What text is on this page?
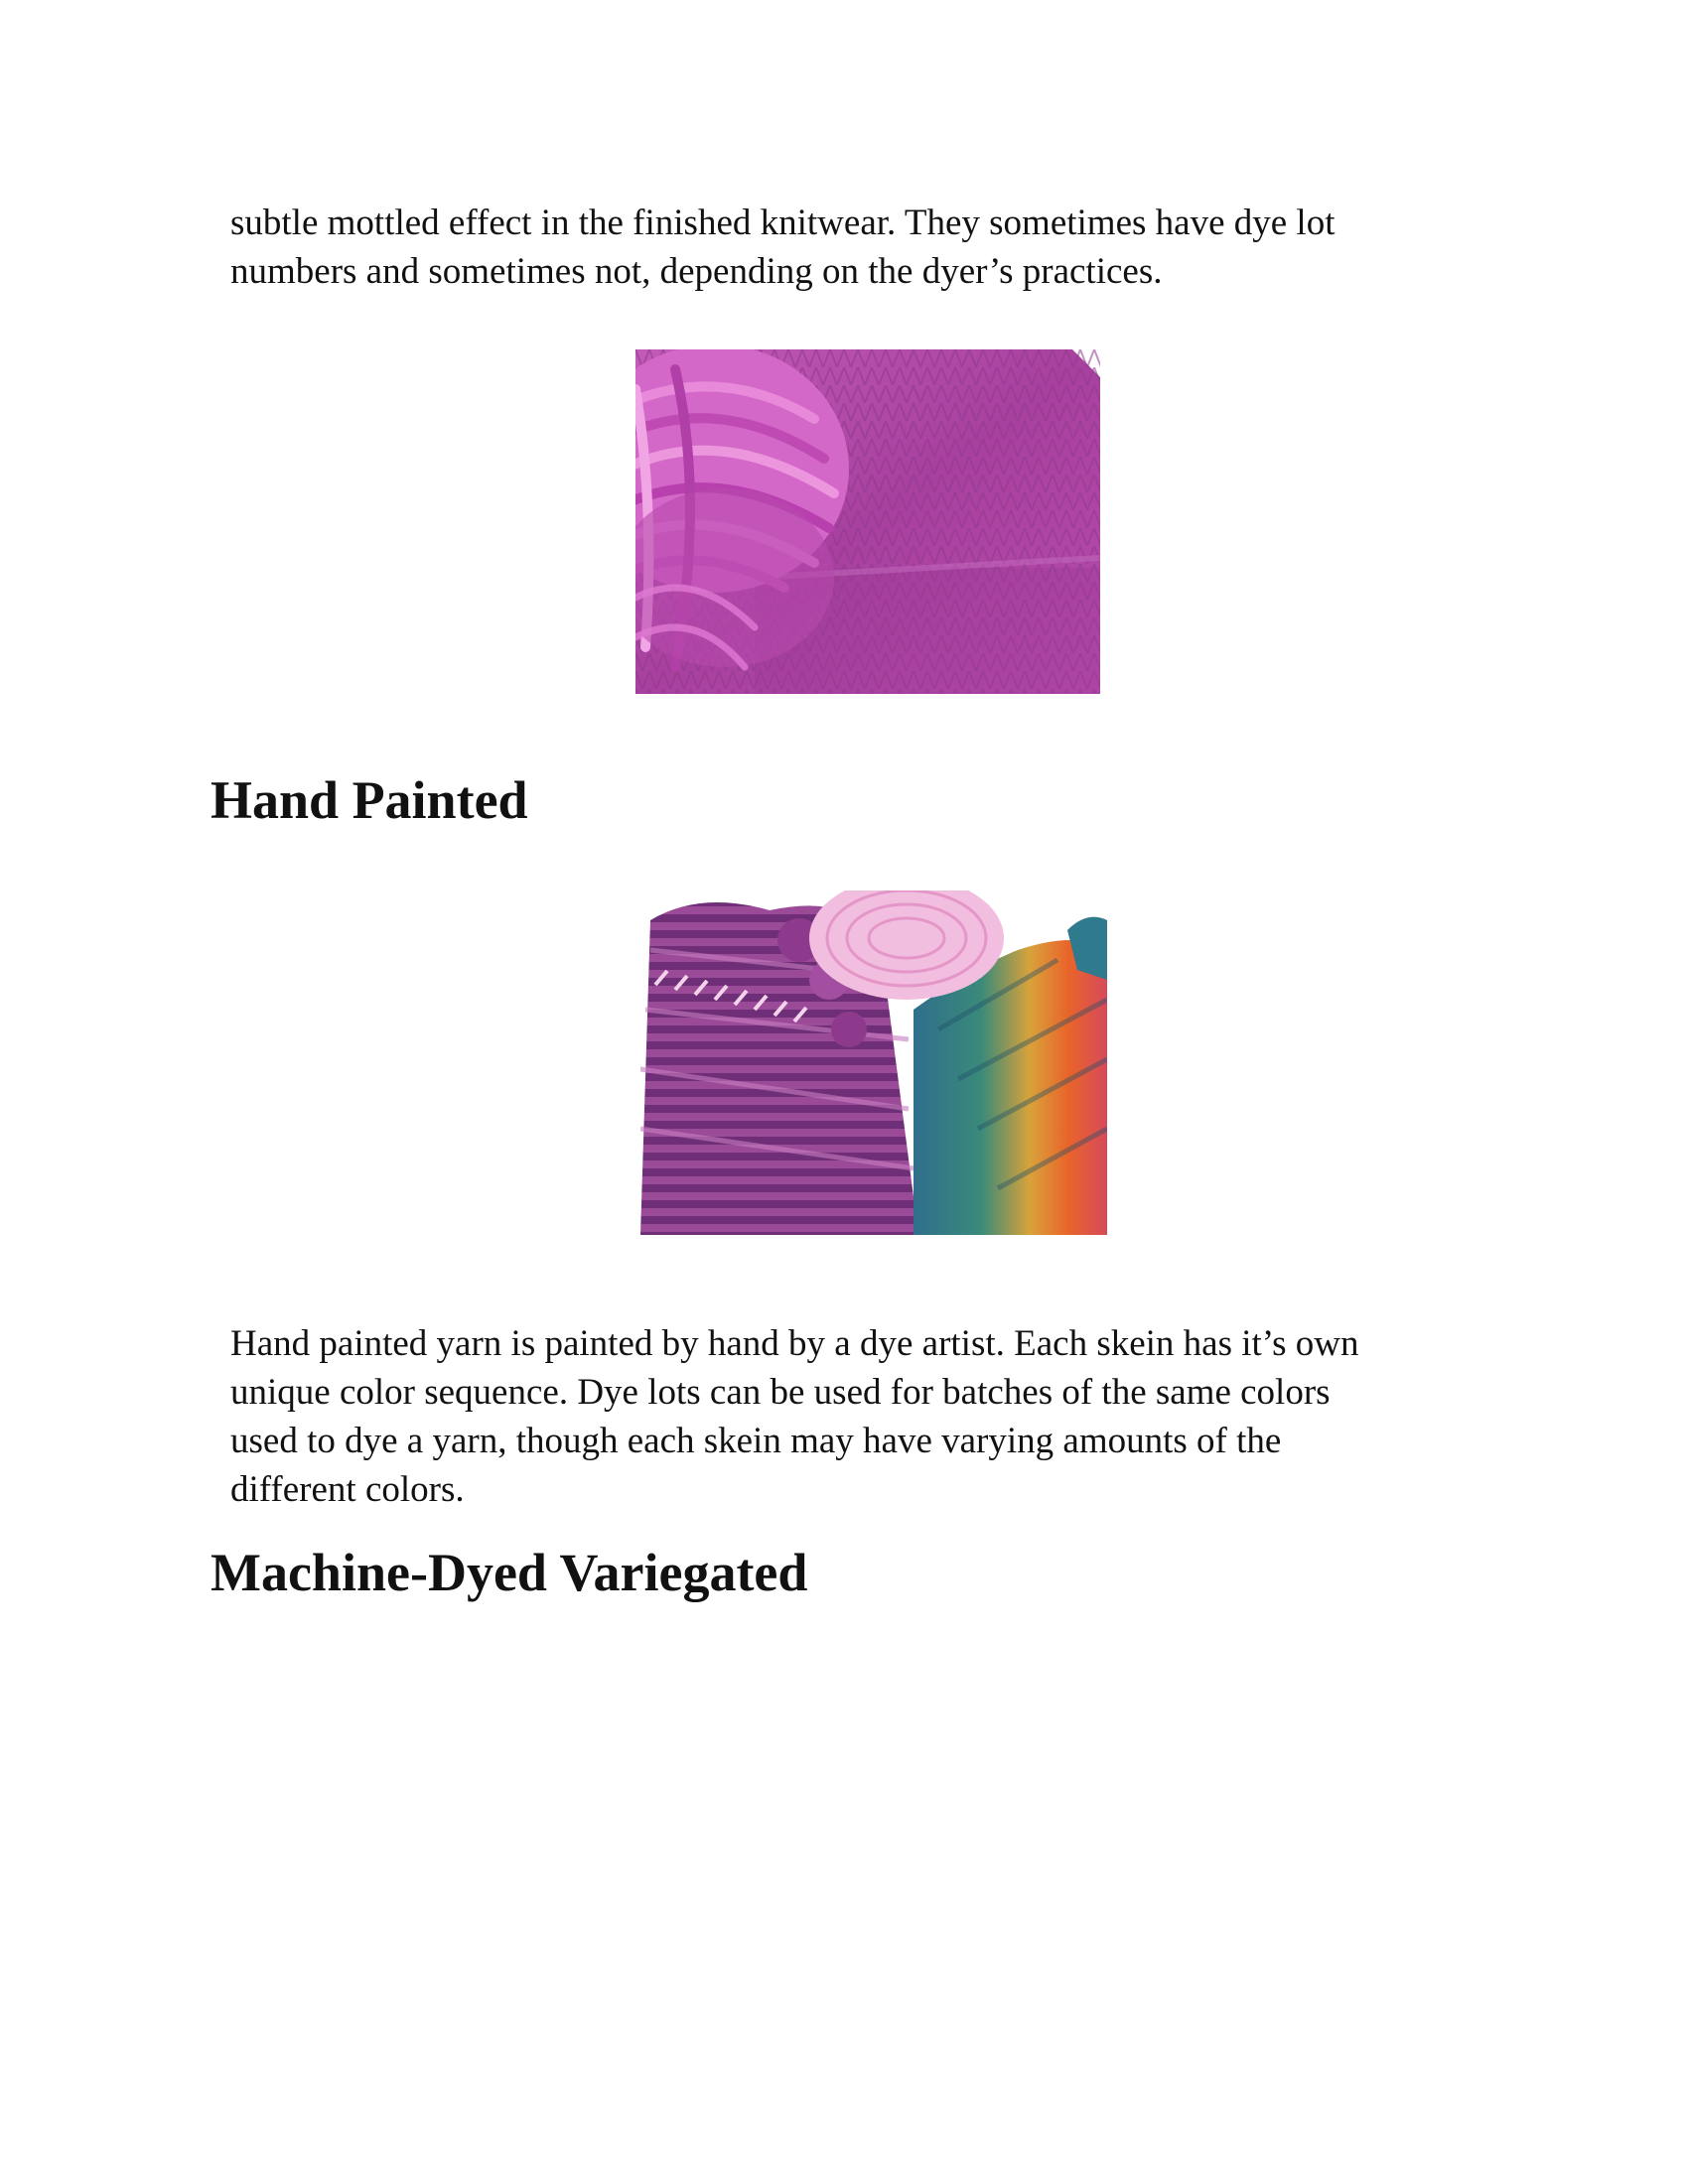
subtle mottled effect in the finished knitwear. They sometimes have dye lot
numbers and sometimes not, depending on the dyer’s practices.

Hand Painted

Hand painted yarn is painted by hand by a dye artist. Each skein has it’s own
unique color sequence. Dye lots can be used for batches of the same colors
used to dye a yarn, though each skein may have varying amounts of the
different colors.

Machine-Dyed Variegated
